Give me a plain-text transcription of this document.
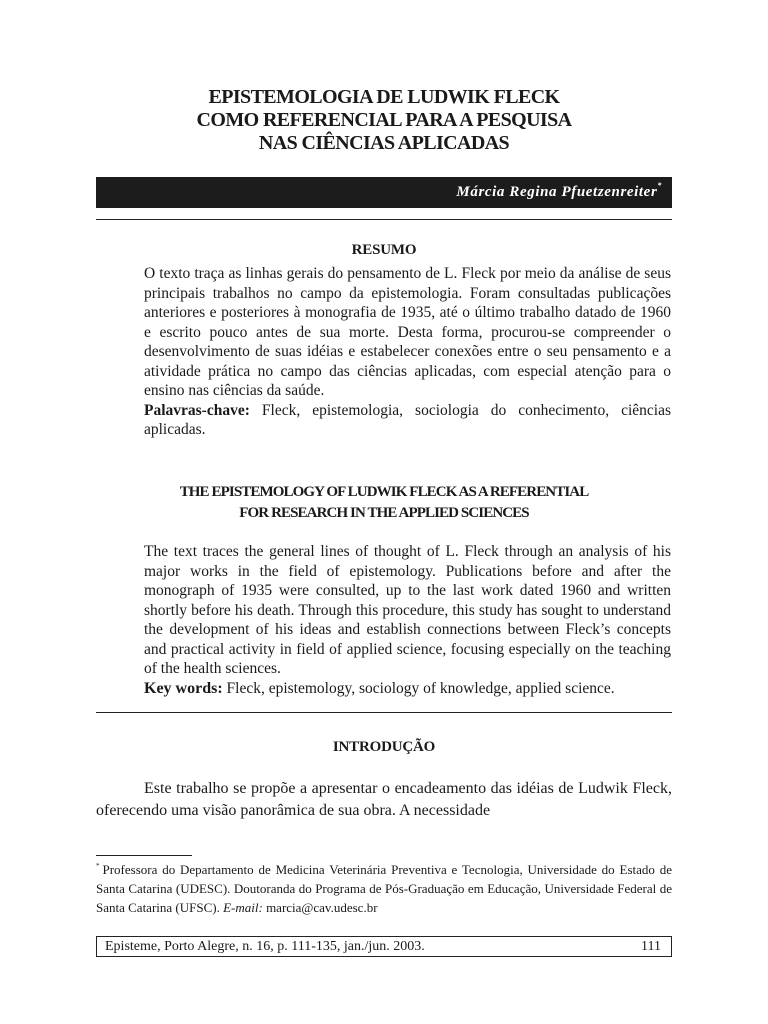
EPISTEMOLOGIA DE LUDWIK FLECK
COMO REFERENCIAL PARA A PESQUISA
NAS CIÊNCIAS APLICADAS
Márcia Regina Pfuetzenreiter*
RESUMO

O texto traça as linhas gerais do pensamento de L. Fleck por meio da análise de seus principais trabalhos no campo da epistemologia. Foram consultadas publicações anteriores e posteriores à monografia de 1935, até o último trabalho datado de 1960 e escrito pouco antes de sua morte. Desta forma, procurou-se compreender o desenvolvimento de suas idéias e estabelecer conexões entre o seu pensamento e a atividade prática no campo das ciências aplicadas, com especial atenção para o ensino nas ciências da saúde.

Palavras-chave: Fleck, epistemologia, sociologia do conhecimento, ciências aplicadas.

THE EPISTEMOLOGY OF LUDWIK FLECK AS A REFERENTIAL
FOR RESEARCH IN THE APPLIED SCIENCES

The text traces the general lines of thought of L. Fleck through an analysis of his major works in the field of epistemology. Publications before and after the monograph of 1935 were consulted, up to the last work dated 1960 and written shortly before his death. Through this procedure, this study has sought to understand the development of his ideas and establish connections between Fleck’s concepts and practical activity in field of applied science, focusing especially on the teaching of the health sciences.

Key words: Fleck, epistemology, sociology of knowledge, applied science.

INTRODUÇÃO

Este trabalho se propõe a apresentar o encadeamento das idéias de Ludwik Fleck, oferecendo uma visão panorâmica de sua obra. A necessidade

* Professora do Departamento de Medicina Veterinária Preventiva e Tecnologia, Universidade do Estado de Santa Catarina (UDESC). Doutoranda do Programa de Pós-Graduação em Educação, Universidade Federal de Santa Catarina (UFSC). E-mail: marcia@cav.udesc.br

Episteme, Porto Alegre, n. 16, p. 111-135, jan./jun. 2003.	111
